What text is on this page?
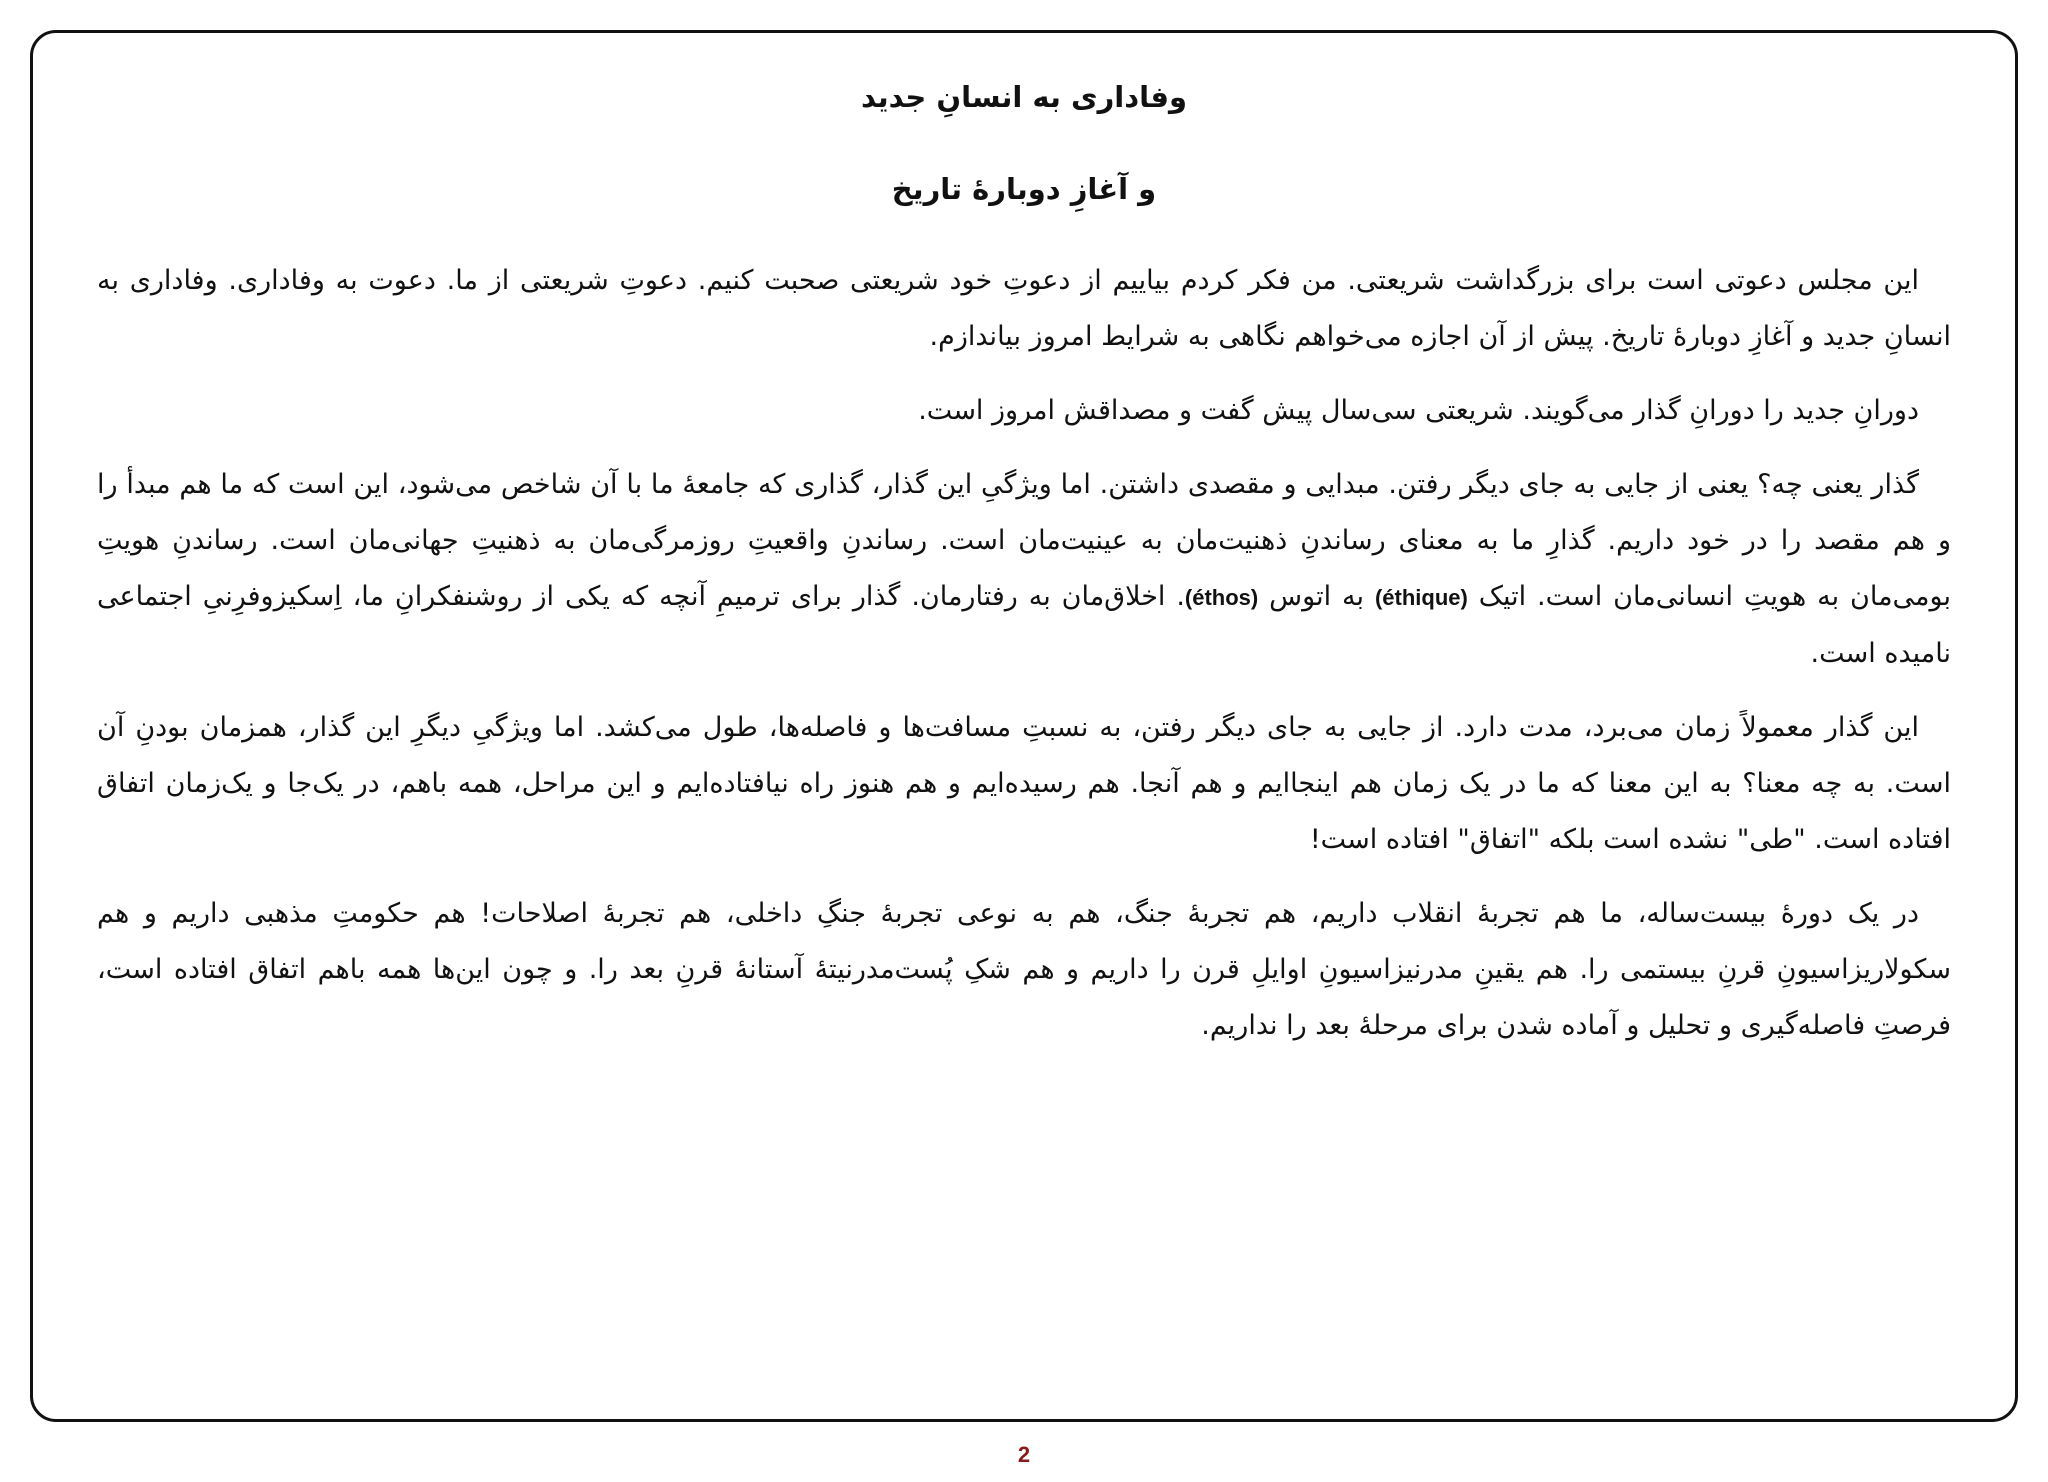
وفاداری به انسانِ جدید
و آغازِ دوبارهٔ تاریخ

این مجلس دعوتی است برای بزرگداشت شریعتی. من فکر کردم بیاییم از دعوتِ خود شریعتی صحبت کنیم. دعوتِ شریعتی از ما. دعوت به وفاداری. وفاداری به انسانِ جدید و آغازِ دوبارهٔ تاریخ. پیش از آن اجازه می‌خواهم نگاهی به شرایط امروز بیاندازم.

دورانِ جدید را دورانِ گذار می‌گویند. شریعتی سی‌سال پیش گفت و مصداقش امروز است.

گذار یعنی چه؟ یعنی از جایی به جای دیگر رفتن. مبدایی و مقصدی داشتن. اما ویژگیِ این گذار، گذاری که جامعهٔ ما با آن شاخص می‌شود، این است که ما هم مبدأ را و هم مقصد را در خود داریم. گذارِ ما به معنای رساندنِ ذهنیت‌مان به عینیت‌مان است. رساندنِ واقعیتِ روزمرگی‌مان به ذهنیتِ جهانی‌مان است. رساندنِ هویتِ بومی‌مان به هویتِ انسانی‌مان است. اتیک (éthique) به اتوس (éthos). اخلاق‌مان به رفتارمان. گذار برای ترمیمِ آنچه که یکی از روشنفکرانِ ما، اِسکیزوفرِنیِ اجتماعی نامیده است.

این گذار معمولاً زمان می‌برد، مدت دارد. از جایی به جای دیگر رفتن، به نسبتِ مسافت‌ها و فاصله‌ها، طول می‌کشد. اما ویژگیِ دیگرِ این گذار، همزمان بودنِ آن است. به چه معنا؟ به این معنا که ما در یک زمان هم اینجاایم و هم آنجا. هم رسیده‌ایم و هم هنوز راه نیافتاده‌ایم و این مراحل، همه باهم، در یک‌جا و یک‌زمان اتفاق افتاده است. "طی" نشده است بلکه "اتفاق" افتاده است!

در یک دورهٔ بیست‌ساله، ما هم تجربهٔ انقلاب داریم، هم تجربهٔ جنگ، هم به نوعی تجربهٔ جنگِ داخلی، هم تجربهٔ اصلاحات! هم حکومتِ مذهبی داریم و هم سکولاریزاسیونِ قرنِ بیستمی را. هم یقینِ مدرنیزاسیونِ اوایلِ قرن را داریم و هم شکِ پُست‌مدرنیتهٔ آستانهٔ قرنِ بعد را. و چون این‌ها همه باهم اتفاق افتاده است، فرصتِ فاصله‌گیری و تحلیل و آماده شدن برای مرحلهٔ بعد را نداریم.

2
